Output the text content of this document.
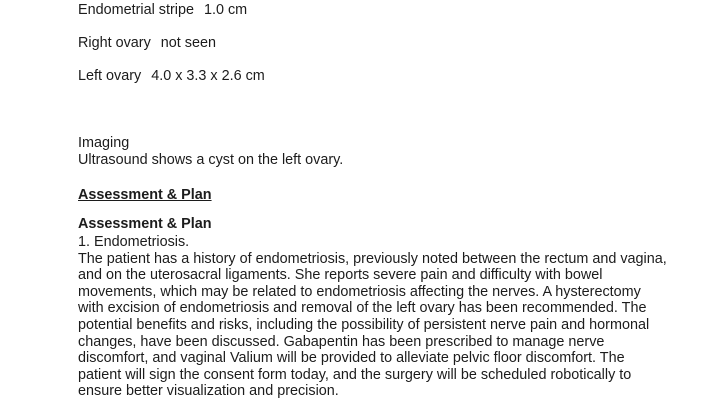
Endometrial stripe 1.0 cm
Right ovary not seen
Left ovary 4.0 x 3.3 x 2.6 cm
Imaging
Ultrasound shows a cyst on the left ovary.
Assessment & Plan
Assessment & Plan
1. Endometriosis.
The patient has a history of endometriosis, previously noted between the rectum and vagina,
and on the uterosacral ligaments. She reports severe pain and difficulty with bowel
movements, which may be related to endometriosis affecting the nerves. A hysterectomy
with excision of endometriosis and removal of the left ovary has been recommended. The
potential benefits and risks, including the possibility of persistent nerve pain and hormonal
changes, have been discussed. Gabapentin has been prescribed to manage nerve
discomfort, and vaginal Valium will be provided to alleviate pelvic floor discomfort. The
patient will sign the consent form today, and the surgery will be scheduled robotically to
ensure better visualization and precision.
